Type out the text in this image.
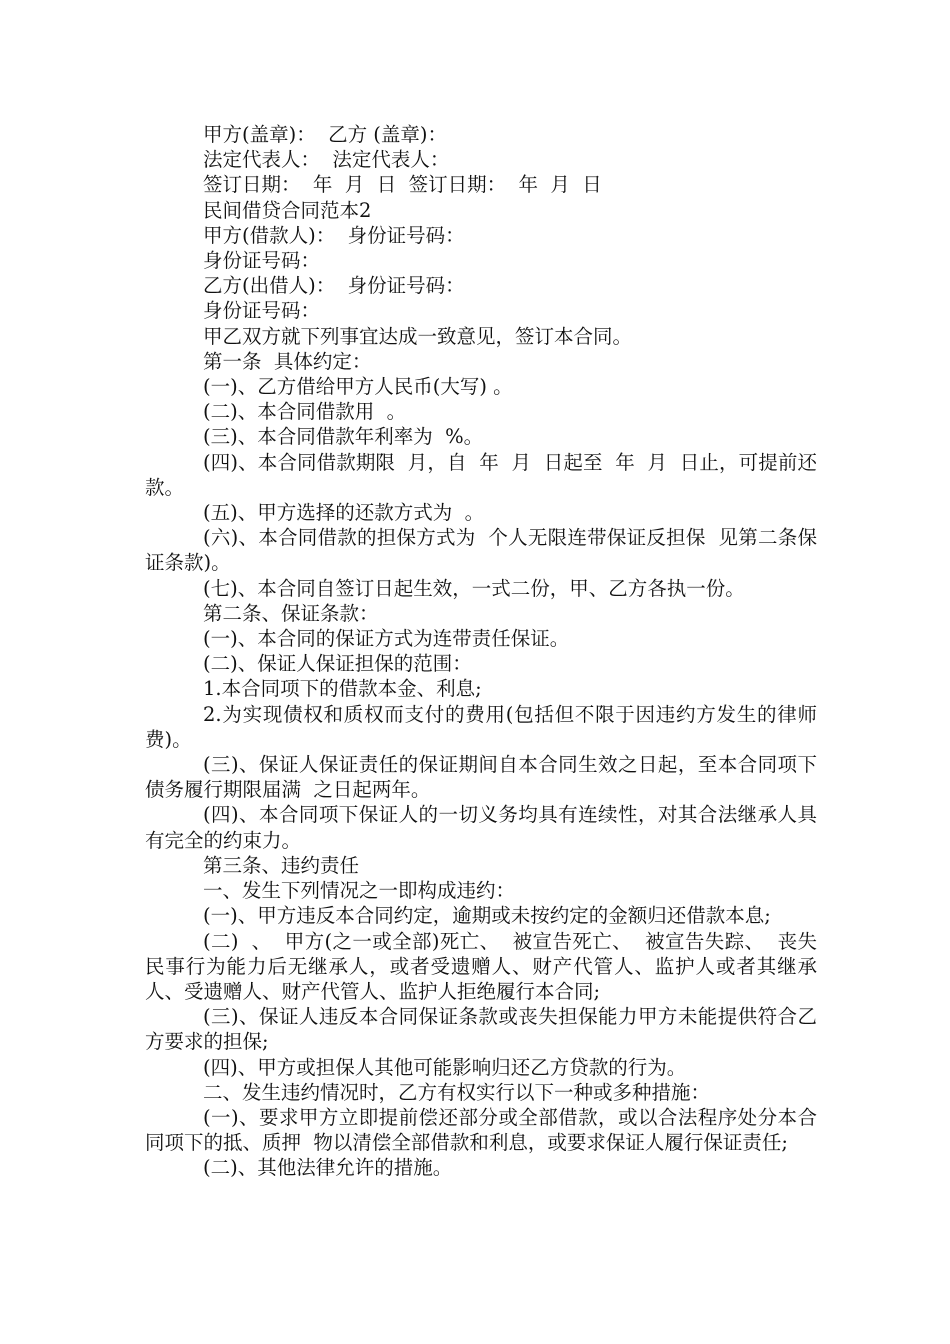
甲方(盖章)：  乙方 (盖章)：

法定代表人：  法定代表人：

签订日期：  年  月  日  签订日期：  年  月  日

民间借贷合同范本2

甲方(借款人)：  身份证号码：

身份证号码：

乙方(出借人)：  身份证号码：

身份证号码：

甲乙双方就下列事宜达成一致意见，签订本合同。

第一条  具体约定：

(一)、乙方借给甲方人民币(大写) 。

(二)、本合同借款用  。

(三)、本合同借款年利率为  %。

(四)、本合同借款期限  月，自  年  月  日起至  年  月  日止，可提前还款。

(五)、甲方选择的还款方式为  。

(六)、本合同借款的担保方式为  个人无限连带保证反担保  见第二条保证条款)。

(七)、本合同自签订日起生效，一式二份，甲、乙方各执一份。

第二条、保证条款：

(一)、本合同的保证方式为连带责任保证。

(二)、保证人保证担保的范围：

1.本合同项下的借款本金、利息;

2.为实现债权和质权而支付的费用(包括但不限于因违约方发生的律师费)。

(三)、保证人保证责任的保证期间自本合同生效之日起，至本合同项下债务履行期限届满  之日起两年。

(四)、本合同项下保证人的一切义务均具有连续性，对其合法继承人具有完全的约束力。

第三条、违约责任

一、发生下列情况之一即构成违约：

(一)、甲方违反本合同约定，逾期或未按约定的金额归还借款本息;

(二)  、  甲方(之一或全部)死亡、  被宣告死亡、  被宣告失踪、  丧失民事行为能力后无继承人，或者受遗赠人、财产代管人、监护人或者其继承人、受遗赠人、财产代管人、监护人拒绝履行本合同;

(三)、保证人违反本合同保证条款或丧失担保能力甲方未能提供符合乙方要求的担保;

(四)、甲方或担保人其他可能影响归还乙方贷款的行为。

二、发生违约情况时，乙方有权实行以下一种或多种措施：

(一)、要求甲方立即提前偿还部分或全部借款，或以合法程序处分本合同项下的抵、质押  物以清偿全部借款和利息，或要求保证人履行保证责任;

(二)、其他法律允许的措施。
